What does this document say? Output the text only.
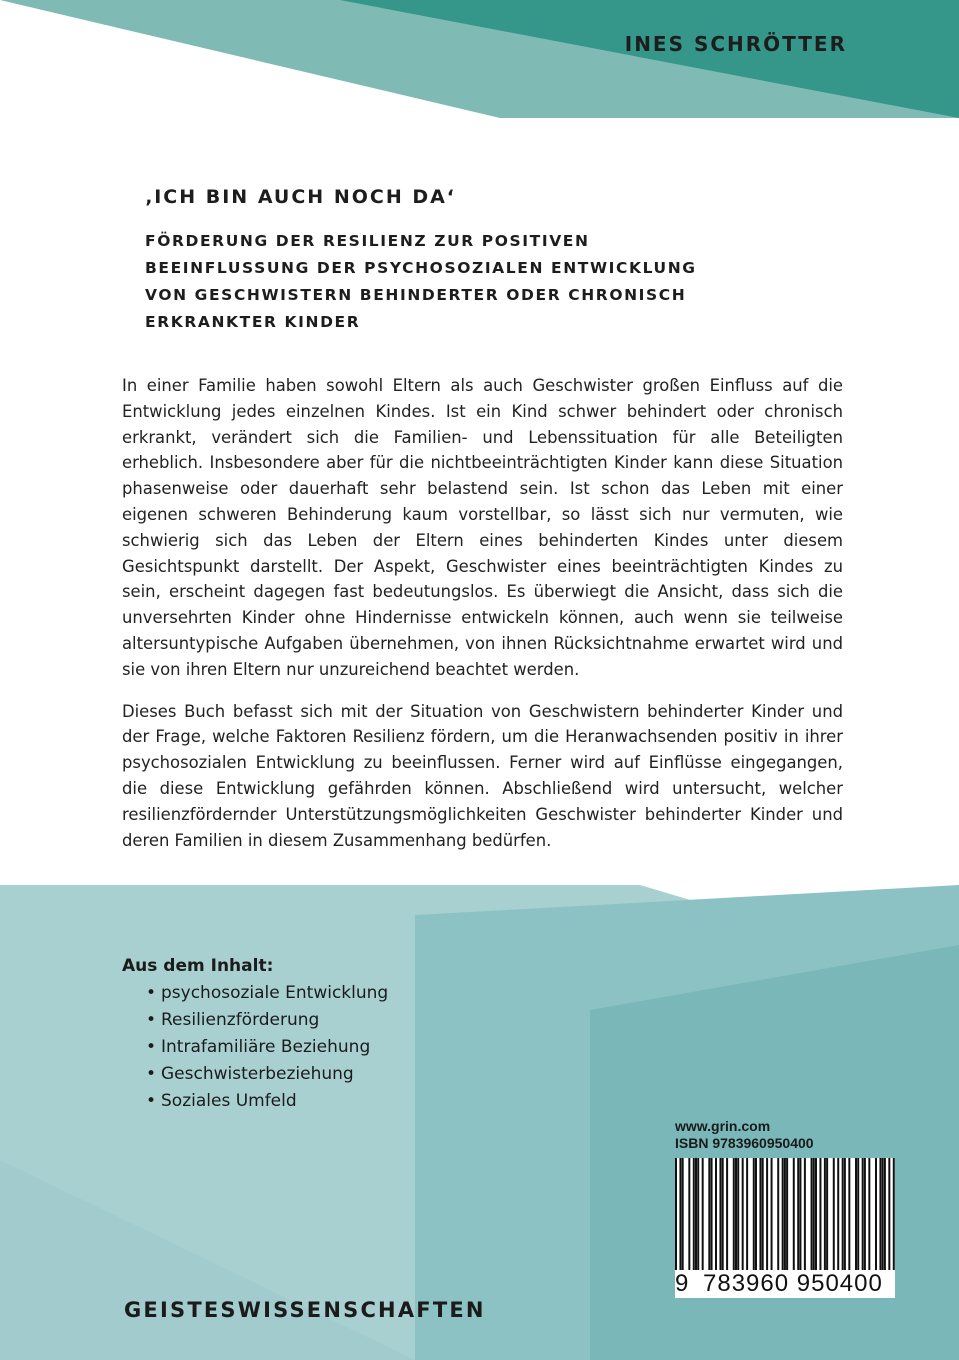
INES SCHRÖTTER
‚ICH BIN AUCH NOCH DA‘
FÖRDERUNG DER RESILIENZ ZUR POSITIVEN
BEEINFLUSSUNG DER PSYCHOSOZIALEN ENTWICKLUNG
VON GESCHWISTERN BEHINDERTER ODER CHRONISCH
ERKRANKTER KINDER

In einer Familie haben sowohl Eltern als auch Geschwister großen Einfluss auf die Entwicklung jedes einzelnen Kindes. Ist ein Kind schwer behindert oder chronisch erkrankt, verändert sich die Familien- und Lebenssituation für alle Beteiligten erheblich. Insbesondere aber für die nichtbeeinträchtigten Kinder kann diese Situation phasenweise oder dauerhaft sehr belastend sein. Ist schon das Leben mit einer eigenen schweren Behinderung kaum vorstellbar, so lässt sich nur vermuten, wie schwierig sich das Leben der Eltern eines behinderten Kindes unter diesem Gesichtspunkt darstellt. Der Aspekt, Geschwister eines beeinträchtigten Kindes zu sein, erscheint dagegen fast bedeutungslos. Es überwiegt die Ansicht, dass sich die unversehrten Kinder ohne Hindernisse entwickeln können, auch wenn sie teilweise altersuntypische Aufgaben übernehmen, von ihnen Rücksichtnahme erwartet wird und sie von ihren Eltern nur unzureichend beachtet werden.

Dieses Buch befasst sich mit der Situation von Geschwistern behinderter Kinder und der Frage, welche Faktoren Resilienz fördern, um die Heranwachsenden positiv in ihrer psychosozialen Entwicklung zu beeinflussen. Ferner wird auf Einflüsse eingegangen, die diese Entwicklung gefährden können. Abschließend wird untersucht, welcher resilienzfördernder Unterstützungsmöglichkeiten Geschwister behinderter Kinder und deren Familien in diesem Zusammenhang bedürfen.

Aus dem Inhalt:
• psychosoziale Entwicklung
• Resilienzförderung
• Intrafamiliäre Beziehung
• Geschwisterbeziehung
• Soziales Umfeld
www.grin.com
ISBN 9783960950400
9 783960 950400
GEISTESWISSENSCHAFTEN
